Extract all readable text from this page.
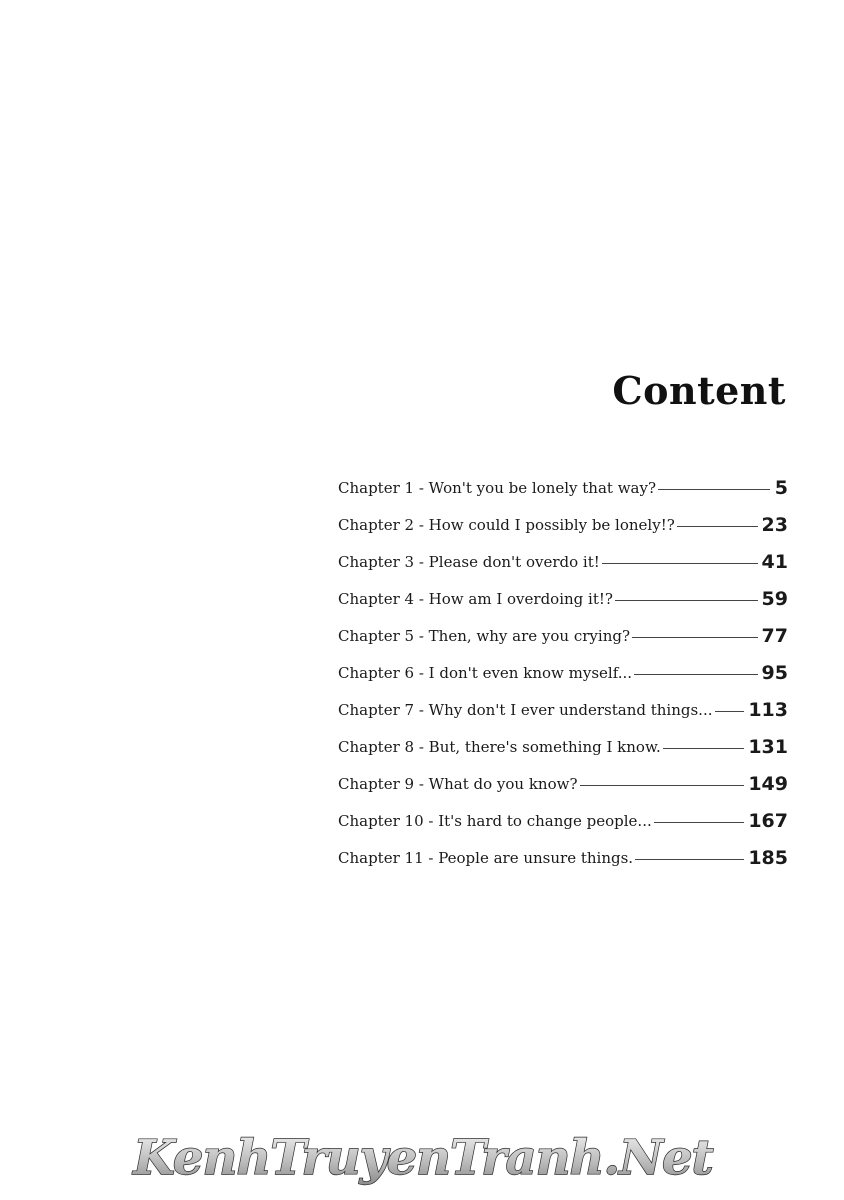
Content
Chapter 1 - Won't you be lonely that way?	5
Chapter 2 - How could I possibly be lonely!?	23
Chapter 3 - Please don't overdo it!	41
Chapter 4 - How am I overdoing it!?	59
Chapter 5 - Then, why are you crying?	77
Chapter 6 - I don't even know myself...	95
Chapter 7 - Why don't I ever understand things... 113
Chapter 8 - But, there's something I know.	131
Chapter 9 - What do you know?	149
Chapter 10 - It's hard to change people...	167
Chapter 11 - People are unsure things.	185
KenhTruyenTranh.Net
